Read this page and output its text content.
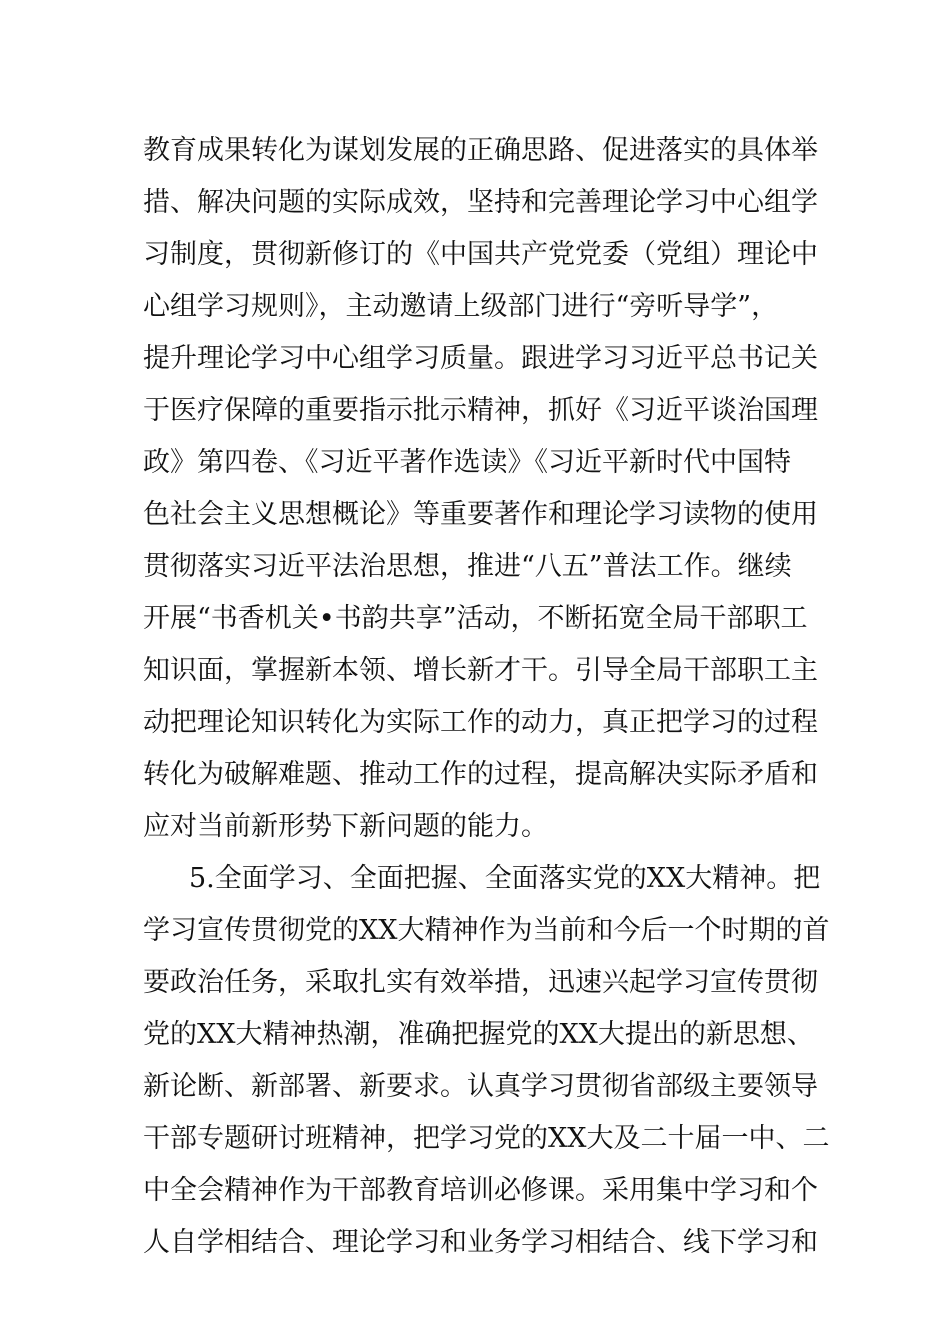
教育成果转化为谋划发展的正确思路、促进落实的具体举
措、解决问题的实际成效，坚持和完善理论学习中心组学
习制度，贯彻新修订的《中国共产党党委（党组）理论中
心组学习规则》，主动邀请上级部门进行“旁听导学”，
提升理论学习中心组学习质量。跟进学习习近平总书记关
于医疗保障的重要指示批示精神，抓好《习近平谈治国理
政》第四卷、《习近平著作选读》《习近平新时代中国特
色社会主义思想概论》等重要著作和理论学习读物的使用
贯彻落实习近平法治思想，推进“八五”普法工作。继续
开展“书香机关•书韵共享”活动，不断拓宽全局干部职工
知识面，掌握新本领、增长新才干。引导全局干部职工主
动把理论知识转化为实际工作的动力，真正把学习的过程
转化为破解难题、推动工作的过程，提高解决实际矛盾和
应对当前新形势下新问题的能力。
5.全面学习、全面把握、全面落实党的XX大精神。把
学习宣传贯彻党的XX大精神作为当前和今后一个时期的首
要政治任务，采取扎实有效举措，迅速兴起学习宣传贯彻
党的XX大精神热潮，准确把握党的XX大提出的新思想、
新论断、新部署、新要求。认真学习贯彻省部级主要领导
干部专题研讨班精神，把学习党的XX大及二十届一中、二
中全会精神作为干部教育培训必修课。采用集中学习和个
人自学相结合、理论学习和业务学习相结合、线下学习和
